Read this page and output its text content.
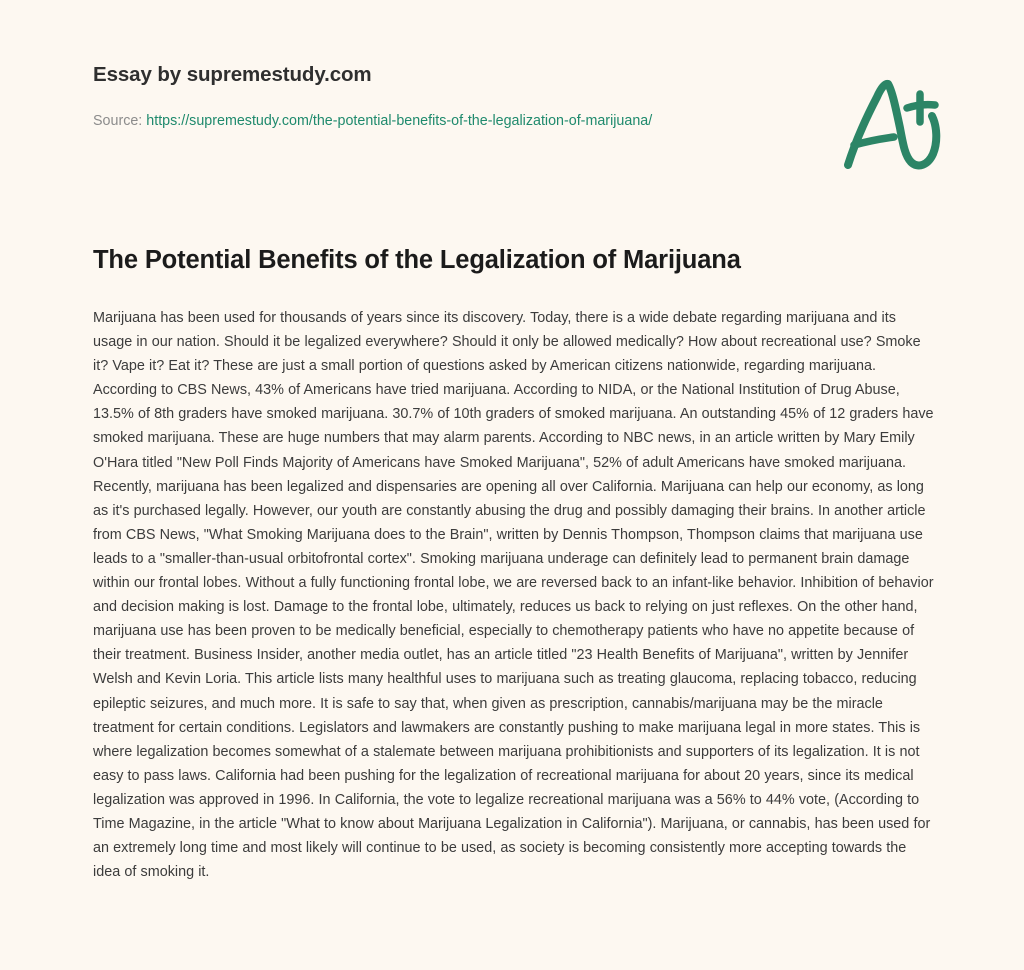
Essay by supremestudy.com
Source: https://supremestudy.com/the-potential-benefits-of-the-legalization-of-marijuana/
The Potential Benefits of the Legalization of Marijuana

Marijuana has been used for thousands of years since its discovery. Today, there is a wide debate regarding marijuana and its usage in our nation. Should it be legalized everywhere? Should it only be allowed medically? How about recreational use? Smoke it? Vape it? Eat it? These are just a small portion of questions asked by American citizens nationwide, regarding marijuana. According to CBS News, 43% of Americans have tried marijuana. According to NIDA, or the National Institution of Drug Abuse, 13.5% of 8th graders have smoked marijuana. 30.7% of 10th graders of smoked marijuana. An outstanding 45% of 12 graders have smoked marijuana. These are huge numbers that may alarm parents. According to NBC news, in an article written by Mary Emily O'Hara titled "New Poll Finds Majority of Americans have Smoked Marijuana", 52% of adult Americans have smoked marijuana. Recently, marijuana has been legalized and dispensaries are opening all over California. Marijuana can help our economy, as long as it's purchased legally. However, our youth are constantly abusing the drug and possibly damaging their brains. In another article from CBS News, "What Smoking Marijuana does to the Brain", written by Dennis Thompson, Thompson claims that marijuana use leads to a "smaller-than-usual orbitofrontal cortex". Smoking marijuana underage can definitely lead to permanent brain damage within our frontal lobes. Without a fully functioning frontal lobe, we are reversed back to an infant-like behavior. Inhibition of behavior and decision making is lost. Damage to the frontal lobe, ultimately, reduces us back to relying on just reflexes. On the other hand, marijuana use has been proven to be medically beneficial, especially to chemotherapy patients who have no appetite because of their treatment. Business Insider, another media outlet, has an article titled "23 Health Benefits of Marijuana", written by Jennifer Welsh and Kevin Loria. This article lists many healthful uses to marijuana such as treating glaucoma, replacing tobacco, reducing epileptic seizures, and much more. It is safe to say that, when given as prescription, cannabis/marijuana may be the miracle treatment for certain conditions. Legislators and lawmakers are constantly pushing to make marijuana legal in more states. This is where legalization becomes somewhat of a stalemate between marijuana prohibitionists and supporters of its legalization. It is not easy to pass laws. California had been pushing for the legalization of recreational marijuana for about 20 years, since its medical legalization was approved in 1996. In California, the vote to legalize recreational marijuana was a 56% to 44% vote, (According to Time Magazine, in the article "What to know about Marijuana Legalization in California"). Marijuana, or cannabis, has been used for an extremely long time and most likely will continue to be used, as society is becoming consistently more accepting towards the idea of smoking it.
